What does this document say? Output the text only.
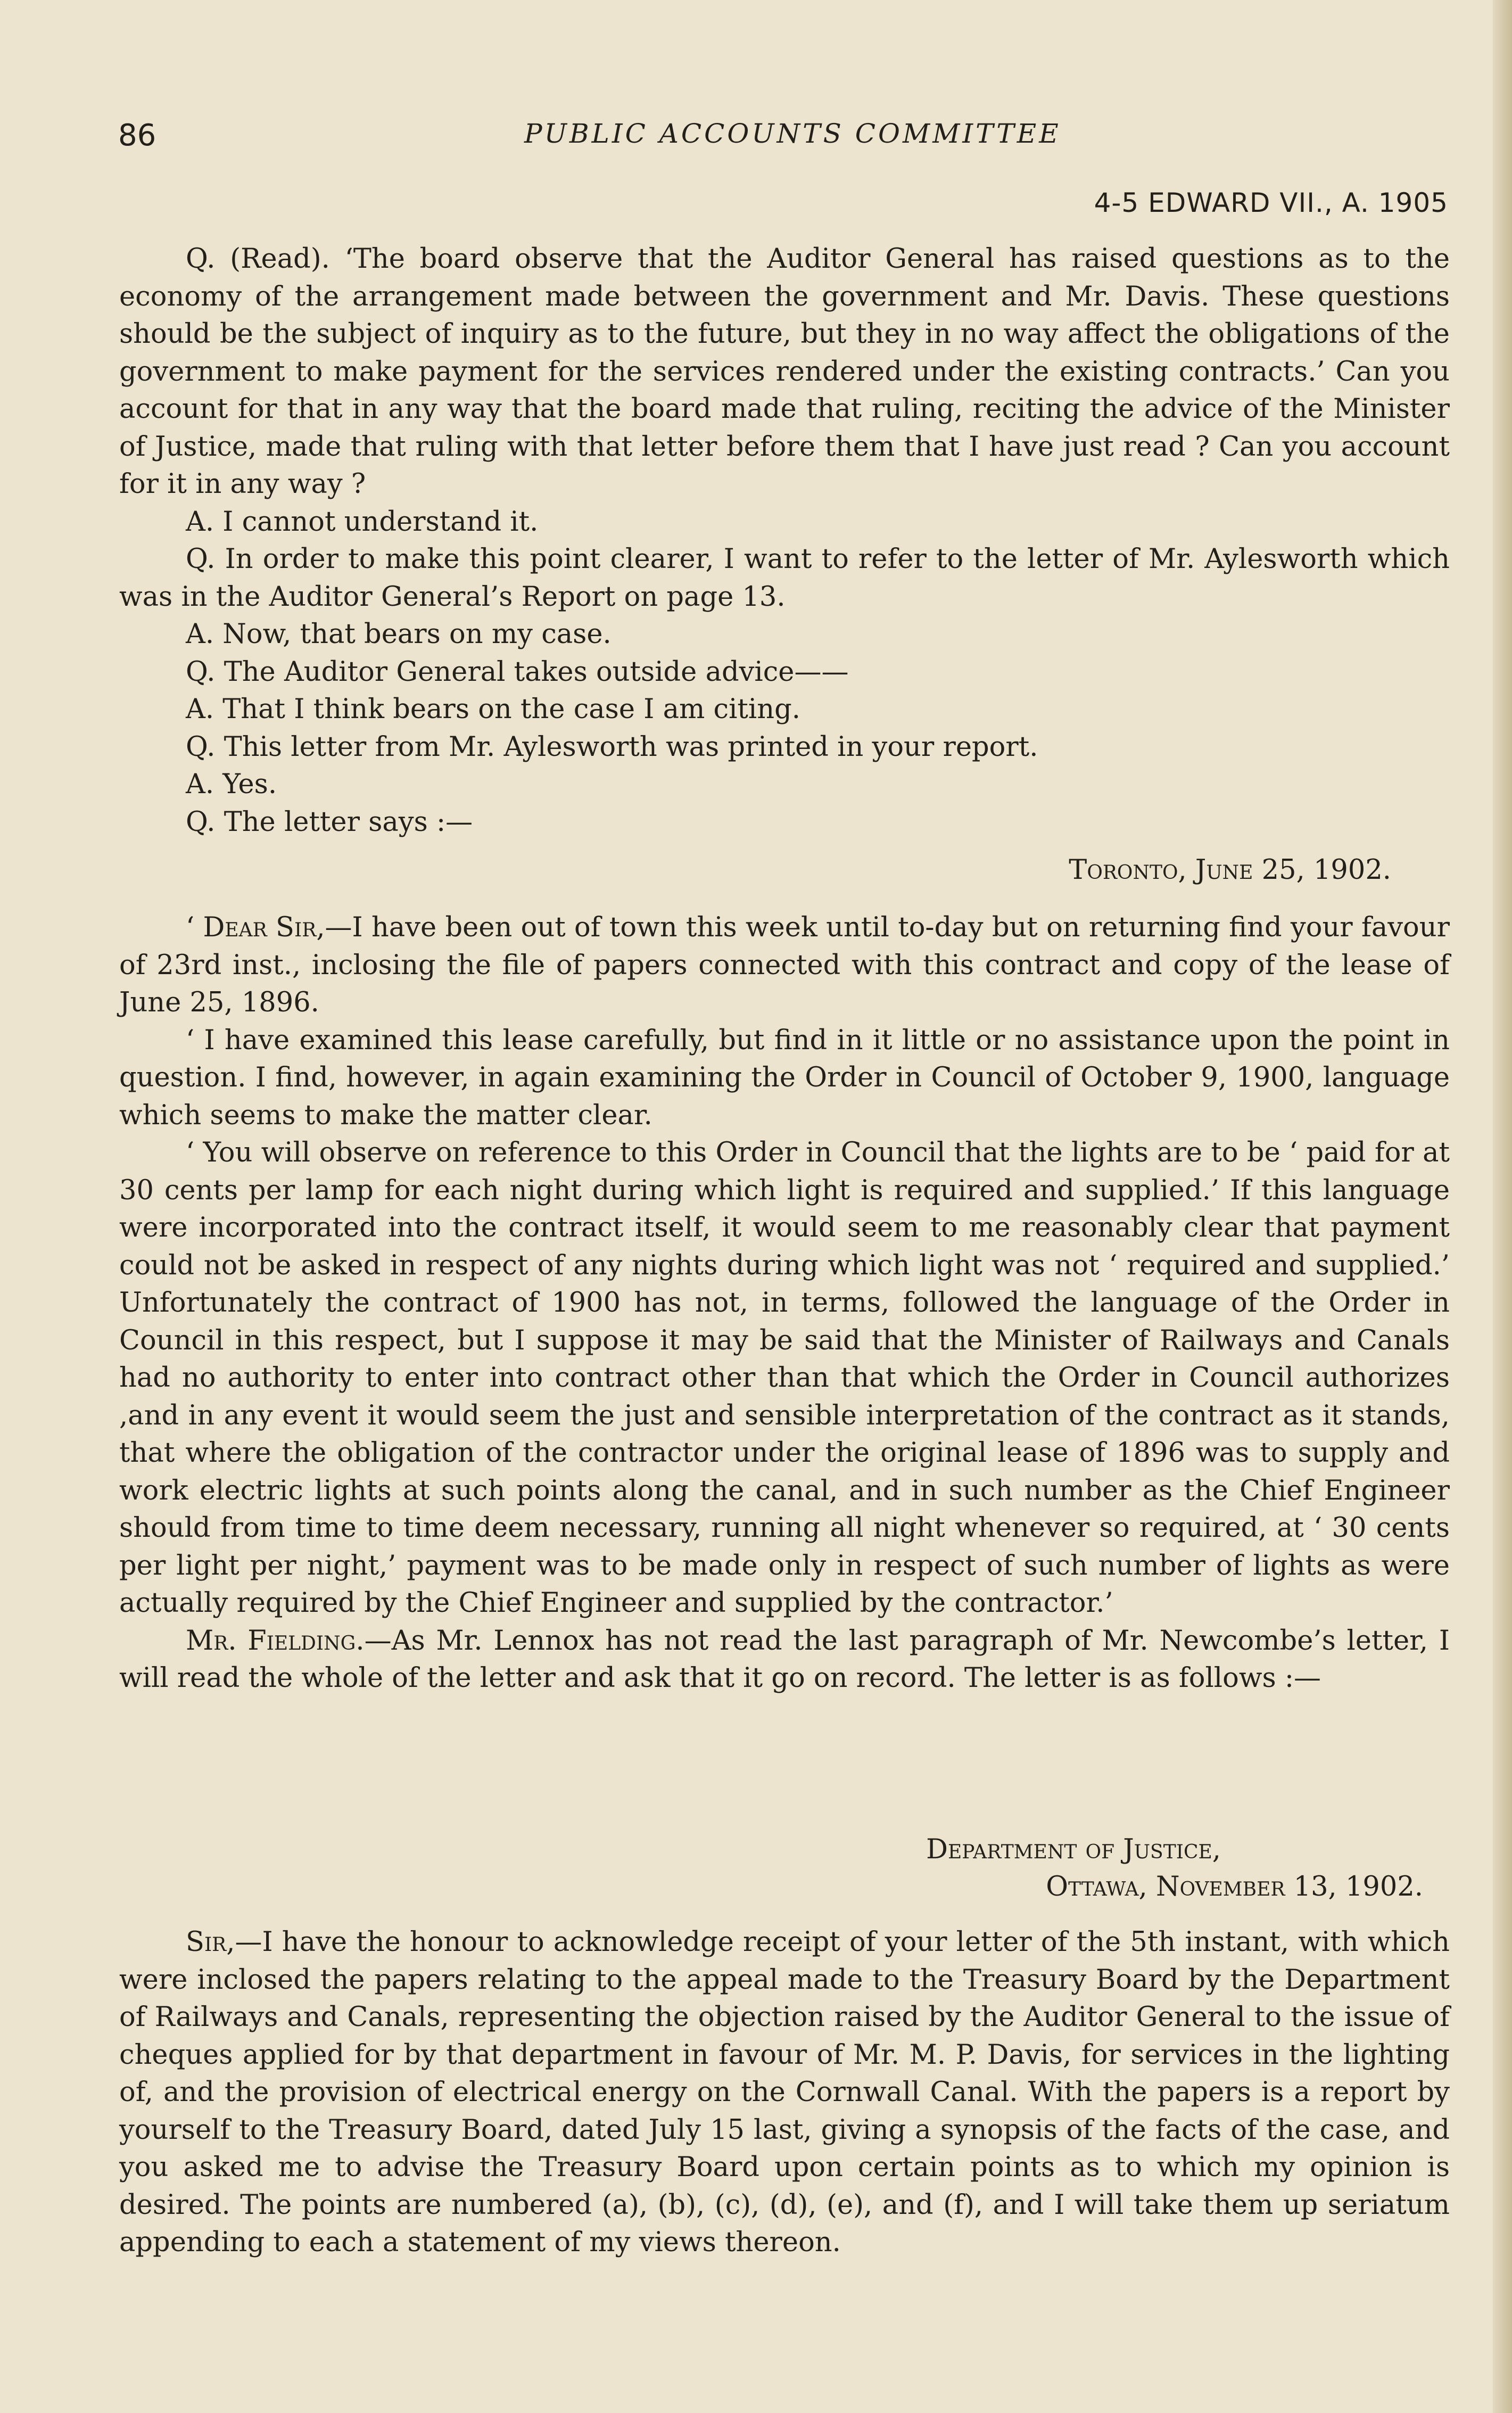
86	PUBLIC ACCOUNTS COMMITTEE
4-5 EDWARD VII., A. 1905

Q. (Read). ‘The board observe that the Auditor General has raised questions as to the economy of the arrangement made between the government and Mr. Davis. These questions should be the subject of inquiry as to the future, but they in no way affect the obligations of the government to make payment for the services rendered under the existing contracts.’ Can you account for that in any way that the board made that ruling, reciting the advice of the Minister of Justice, made that ruling with that letter before them that I have just read ? Can you account for it in any way ?

A. I cannot understand it.

Q. In order to make this point clearer, I want to refer to the letter of Mr. Aylesworth which was in the Auditor General’s Report on page 13.

A. Now, that bears on my case.

Q. The Auditor General takes outside advice——

A. That I think bears on the case I am citing.

Q. This letter from Mr. Aylesworth was printed in your report.

A. Yes.

Q. The letter says :—

Toronto, June 25, 1902.

‘ Dear Sir,—I have been out of town this week until to-day but on returning find your favour of 23rd inst., inclosing the file of papers connected with this contract and copy of the lease of June 25, 1896.

‘ I have examined this lease carefully, but find in it little or no assistance upon the point in question. I find, however, in again examining the Order in Council of October 9, 1900, language which seems to make the matter clear.

‘ You will observe on reference to this Order in Council that the lights are to be ‘ paid for at 30 cents per lamp for each night during which light is required and supplied.’ If this language were incorporated into the contract itself, it would seem to me reasonably clear that payment could not be asked in respect of any nights during which light was not ‘ required and supplied.’ Unfortunately the contract of 1900 has not, in terms, followed the language of the Order in Council in this respect, but I suppose it may be said that the Minister of Railways and Canals had no authority to enter into contract other than that which the Order in Council authorizes ,and in any event it would seem the just and sensible interpretation of the contract as it stands, that where the obligation of the contractor under the original lease of 1896 was to supply and work electric lights at such points along the canal, and in such number as the Chief Engineer should from time to time deem necessary, running all night whenever so required, at ‘ 30 cents per light per night,’ payment was to be made only in respect of such number of lights as were actually required by the Chief Engineer and supplied by the contractor.’

Mr. Fielding.—As Mr. Lennox has not read the last paragraph of Mr. Newcombe’s letter, I will read the whole of the letter and ask that it go on record. The letter is as follows :—

Department of Justice,

Ottawa, November 13, 1902.

Sir,—I have the honour to acknowledge receipt of your letter of the 5th instant, with which were inclosed the papers relating to the appeal made to the Treasury Board by the Department of Railways and Canals, representing the objection raised by the Auditor General to the issue of cheques applied for by that department in favour of Mr. M. P. Davis, for services in the lighting of, and the provision of electrical energy on the Cornwall Canal. With the papers is a report by yourself to the Treasury Board, dated July 15 last, giving a synopsis of the facts of the case, and you asked me to advise the Treasury Board upon certain points as to which my opinion is desired. The points are numbered (a), (b), (c), (d), (e), and (f), and I will take them up seriatum appending to each a statement of my views thereon.
